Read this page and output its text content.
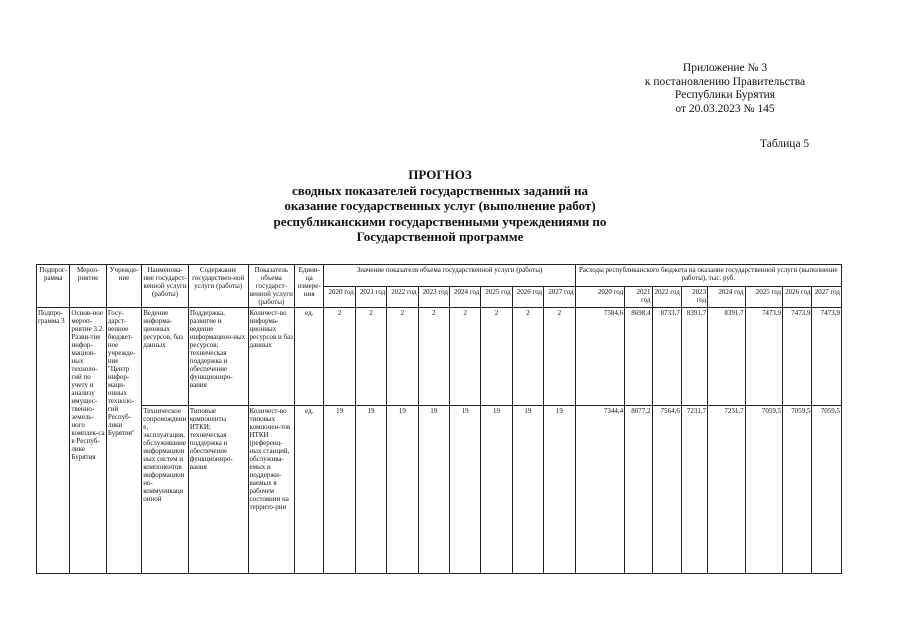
Приложение № 3
к постановлению Правительства
Республики Бурятия
от 20.03.2023 № 145
Таблица 5
ПРОГНОЗ
сводных показателей государственных заданий на
оказание государственных услуг (выполнение работ)
республиканскими государственными учреждениями по
Государственной программе
Подпрог-рамма	Мероп-риятие	Учрежде-ние	Наименова-ние государст-венной услуги (работы)	Содержание государствен-ной услуги (работы)	Показатель объема государст-венной услуги (работы)	Едини-ца измере-ния	Значение показателя объема государственной услуги (работы)								Расходы республиканского бюджета на оказание государственной услуги (выполнение работы), тыс. руб.							
							2020 год	2021 год	2022 год	2023 год	2024 год	2025 год	2026 год	2027 год	2020 год	2021 год	2022 год	2023 год	2024 год	2025 год	2026 год	2027 год
Подпро-грамма 3	Основ-ное мероп-риятие 3.2. Разви-тие инфор-мацион-ных техноло-гий по учету и анализу имущес-твенно-земель-ного комплек-са в Респуб-лике Бурятия	Госу-дарст-венное бюджет-ное учрежде-ние "Центр инфор-маци-онных техноло-гий Респуб-лики Бурятия"	Ведение информа-ционных ресурсов, баз данных	Поддержка, развитие и ведение информацион-ных ресурсов; техническая поддержка и обеспечение функциониро-вания	Количест-во информа-ционных ресурсов и баз данных	ед.	2	2	2	2	2	2	2	2	7584,6	8698,4	8733,7	8391,7	8391,7	7473,9	7473,9	7473,9
			Техническое сопровождение, эксплуатация, обслуживание информационных систем и компонентов информационно-коммуникационной	Типовые компоненты ИТКИ; техническая поддержка и обеспечение функциониро-вания	Количест-во типовых компонен-тов ИТКИ (референц-ных станций, обслужива-емых и поддержи-ваемых в рабочем состоянии на террито-рии	ед.	19	19	19	19	19	19	19	19	7344,4	8077,2	7564,6	7231,7	7231,7	7059,5	7059,5	7059,5
